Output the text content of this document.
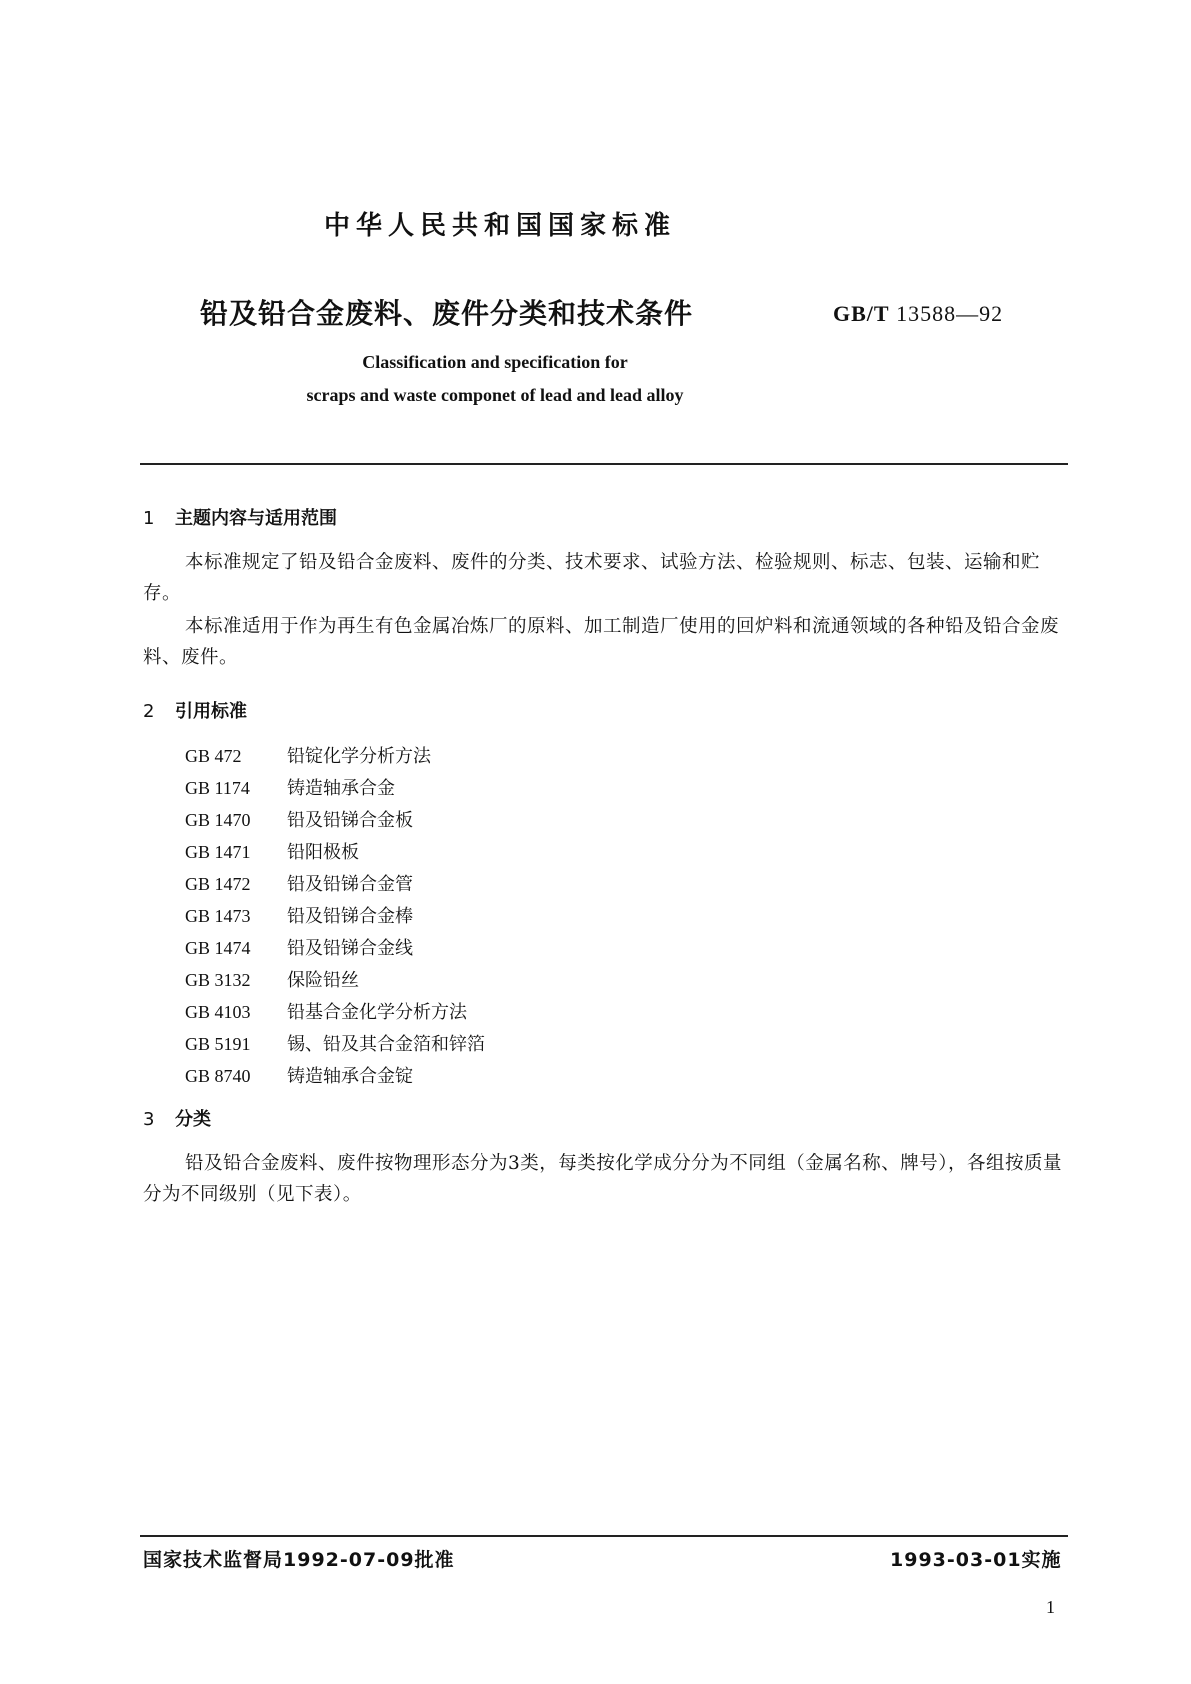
中华人民共和国国家标准
铅及铅合金废料、废件分类和技术条件	GB/T 13588—92
Classification and specification for
scraps and waste componet of lead and lead alloy
1 主题内容与适用范围
本标准规定了铅及铅合金废料、废件的分类、技术要求、试验方法、检验规则、标志、包装、运输和贮存。
本标准适用于作为再生有色金属冶炼厂的原料、加工制造厂使用的回炉料和流通领域的各种铅及铅合金废料、废件。
2 引用标准
GB 472	铅锭化学分析方法
GB 1174 铸造轴承合金
GB 1470 铅及铅锑合金板
GB 1471 铅阳极板
GB 1472 铅及铅锑合金管
GB 1473 铅及铅锑合金棒
GB 1474 铅及铅锑合金线
GB 3132 保险铅丝
GB 4103 铅基合金化学分析方法
GB 5191 锡、铅及其合金箔和锌箔
GB 8740 铸造轴承合金锭
3 分类
铅及铅合金废料、废件按物理形态分为3类，每类按化学成分分为不同组（金属名称、牌号），各组按质量分为不同级别（见下表）。
国家技术监督局1992-07-09批准	1993-03-01实施
1
